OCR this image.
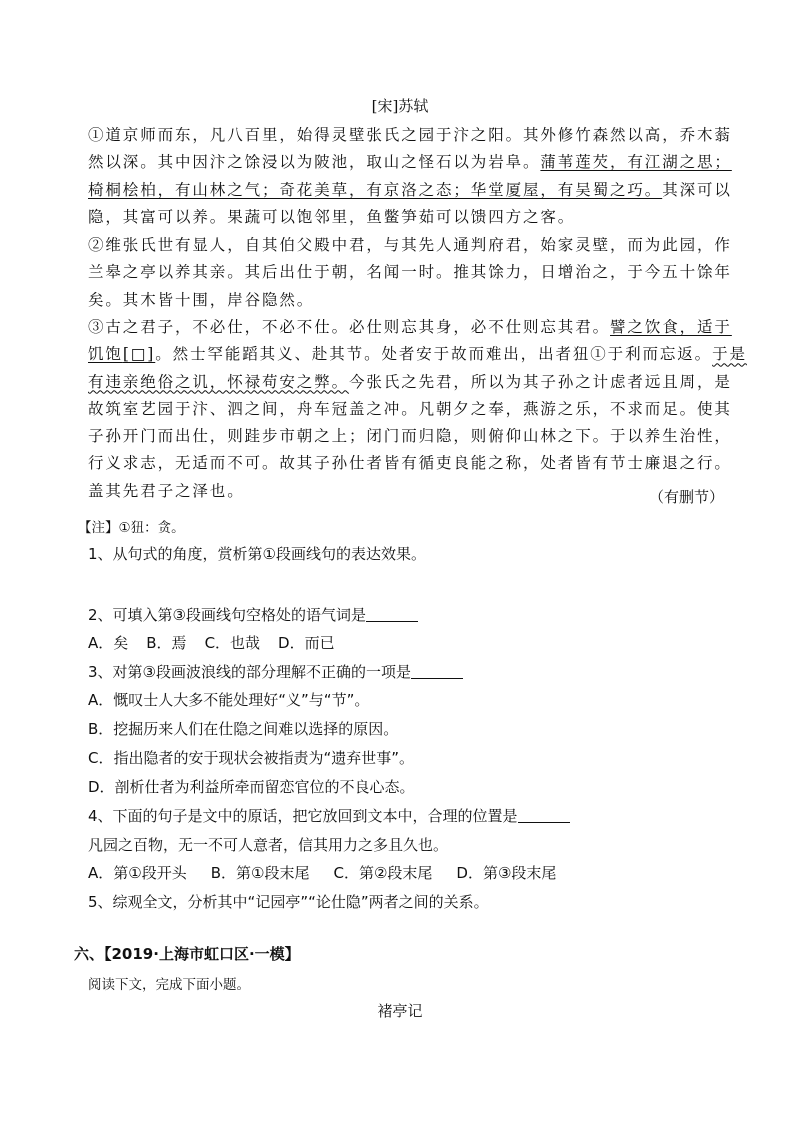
[宋]苏轼

①道京师而东，凡八百里，始得灵壁张氏之园于汴之阳。其外修竹森然以高，乔木蓊然以深。其中因汴之馀浸以为陂池，取山之怪石以为岩阜。蒲苇莲芡，有江湖之思；椅桐桧柏，有山林之气；奇花美草，有京洛之态；华堂厦屋，有吴蜀之巧。其深可以隐，其富可以养。果蔬可以饱邻里，鱼鳖笋茹可以馈四方之客。

②维张氏世有显人，自其伯父殿中君，与其先人通判府君，始家灵壁，而为此园，作兰皋之亭以养其亲。其后出仕于朝，名闻一时。推其馀力，日增治之，于今五十馀年矣。其木皆十围，岸谷隐然。

③古之君子，不必仕，不必不仕。必仕则忘其身，必不仕则忘其君。譬之饮食，适于饥饱[□]。然士罕能蹈其义、赴其节。处者安于故而难出，出者狃①于利而忘返。于是有违亲绝俗之讥，怀禄苟安之弊。今张氏之先君，所以为其子孙之计虑者远且周，是故筑室艺园于汴、泗之间，舟车冠盖之冲。凡朝夕之奉，燕游之乐，不求而足。使其子孙开门而出仕，则跬步市朝之上；闭门而归隐，则俯仰山林之下。于以养生治性，行义求志，无适而不可。故其子孙仕者皆有循吏良能之称，处者皆有节士廉退之行。盖其先君子之泽也。	（有删节）
【注】①狃：贪。
1、从句式的角度，赏析第①段画线句的表达效果。
2、可填入第③段画线句空格处的语气词是
A．矣 B．焉 C．也哉 D．而已
3、对第③段画波浪线的部分理解不正确的一项是
A．慨叹士人大多不能处理好“义”与“节”。
B．挖掘历来人们在仕隐之间难以选择的原因。
C．指出隐者的安于现状会被指责为“遗弃世事”。
D．剖析仕者为利益所牵而留恋官位的不良心态。
4、下面的句子是文中的原话，把它放回到文本中，合理的位置是
凡园之百物，无一不可人意者，信其用力之多且久也。
A．第①段开头 B．第①段末尾 C．第②段末尾 D．第③段末尾
5、综观全文，分析其中“记园亭”“论仕隐”两者之间的关系。
六、【2019·上海市虹口区·一模】
阅读下文，完成下面小题。
褚亭记
